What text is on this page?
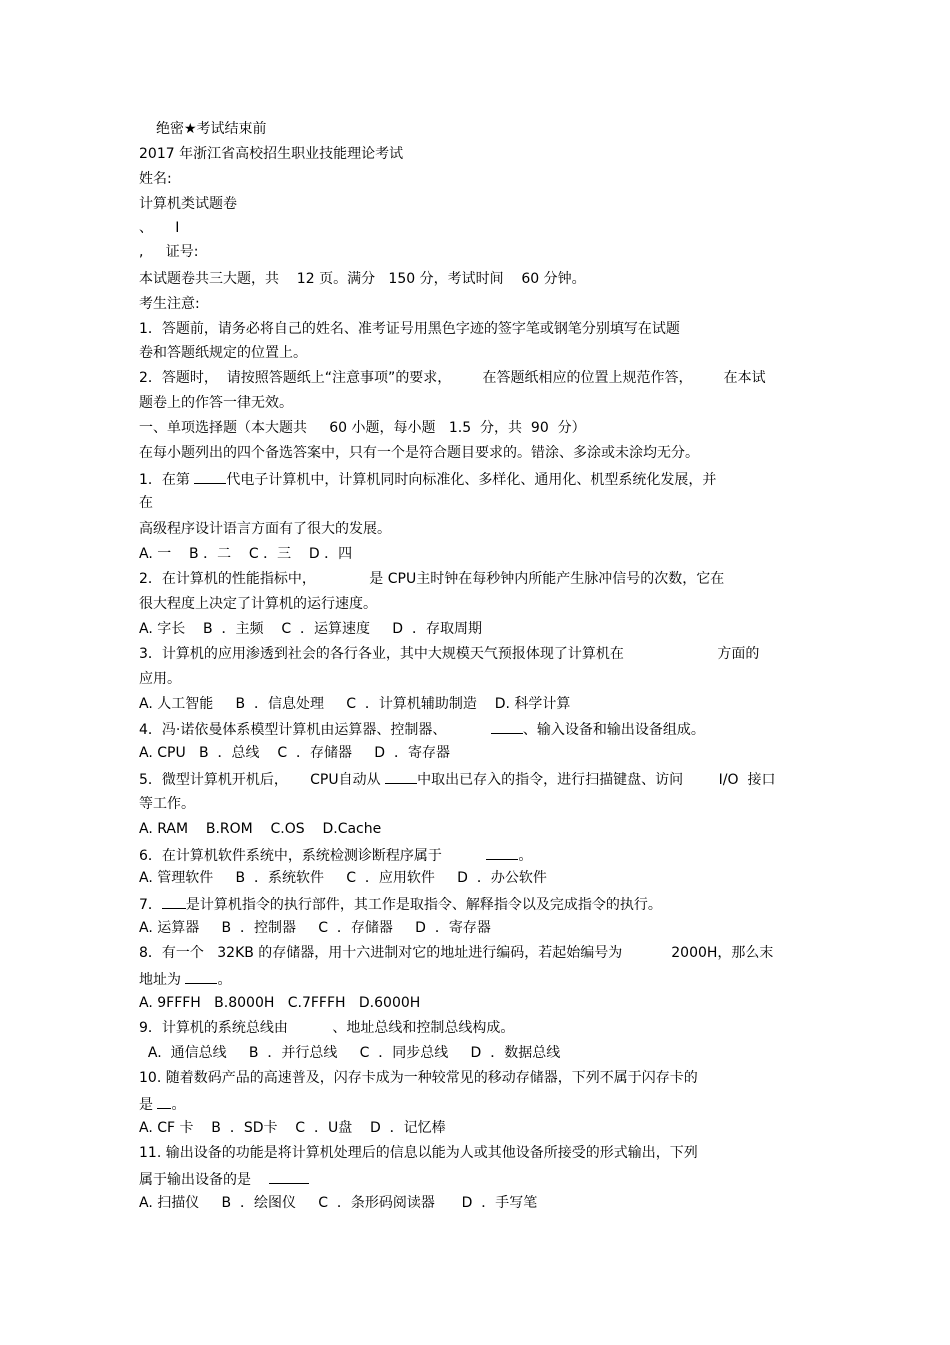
绝密★考试结束前
2017 年浙江省高校招生职业技能理论考试
姓名:
计算机类试题卷
、     I
,     证号:
本试题卷共三大题，共    12 页。满分   150 分，考试时间    60 分钟。
考生注意:
1．答题前，请务必将自己的姓名、准考证号用黑色字迹的签字笔或钢笔分别填写在试题
卷和答题纸规定的位置上。
2．答题时，  请按照答题纸上“注意事项”的要求，       在答题纸相应的位置上规范作答，       在本试
题卷上的作答一律无效。
一、单项选择题（本大题共     60 小题，每小题   1.5  分，共  90  分）
在每小题列出的四个备选答案中，只有一个是符合题目要求的。错涂、多涂或未涂均无分。
1．在第 代电子计算机中，计算机同时向标准化、多样化、通用化、机型系统化发展，并
在
高级程序设计语言方面有了很大的发展。
A. 一    B ．二    C ．三    D ．四
2．在计算机的性能指标中，            是 CPU主时钟在每秒钟内所能产生脉冲信号的次数，它在
很大程度上决定了计算机的运行速度。
A. 字长    B  ．主频    C  ．运算速度     D  ．存取周期
3．计算机的应用渗透到社会的各行各业，其中大规模天气预报体现了计算机在                     方面的
应用。
A. 人工智能     B  ．信息处理     C  ．计算机辅助制造    D. 科学计算
4．冯·诺依曼体系模型计算机由运算器、控制器、          、输入设备和输出设备组成。
A. CPU   B  ．总线    C  ．存储器     D  ．寄存器
5．微型计算机开机后，     CPU自动从 中取出已存入的指令，进行扫描键盘、访问        I/O  接口
等工作。
A. RAM    B.ROM    C.OS    D.Cache
6．在计算机软件系统中，系统检测诊断程序属于          。
A. 管理软件     B  ．系统软件     C  ．应用软件     D  ．办公软件
7． 是计算机指令的执行部件，其工作是取指令、解释指令以及完成指令的执行。
A. 运算器     B  ．控制器     C  ．存储器     D  ．寄存器
8．有一个   32KB 的存储器，用十六进制对它的地址进行编码，若起始编号为           2000H，那么末
地址为 。
A. 9FFFH   B.8000H   C.7FFFH   D.6000H
9．计算机的系统总线由          、地址总线和控制总线构成。
A.  通信总线     B  ．并行总线     C  ．同步总线     D  ．数据总线
10. 随着数码产品的高速普及，闪存卡成为一种较常见的移动存储器，下列不属于闪存卡的
是 。
A. CF 卡    B  ．SD卡    C  ．U盘    D  ．记忆棒
11. 输出设备的功能是将计算机处理后的信息以能为人或其他设备所接受的形式输出，下列
属于输出设备的是
A. 扫描仪     B  ．绘图仪     C  ．条形码阅读器      D  ．手写笔
